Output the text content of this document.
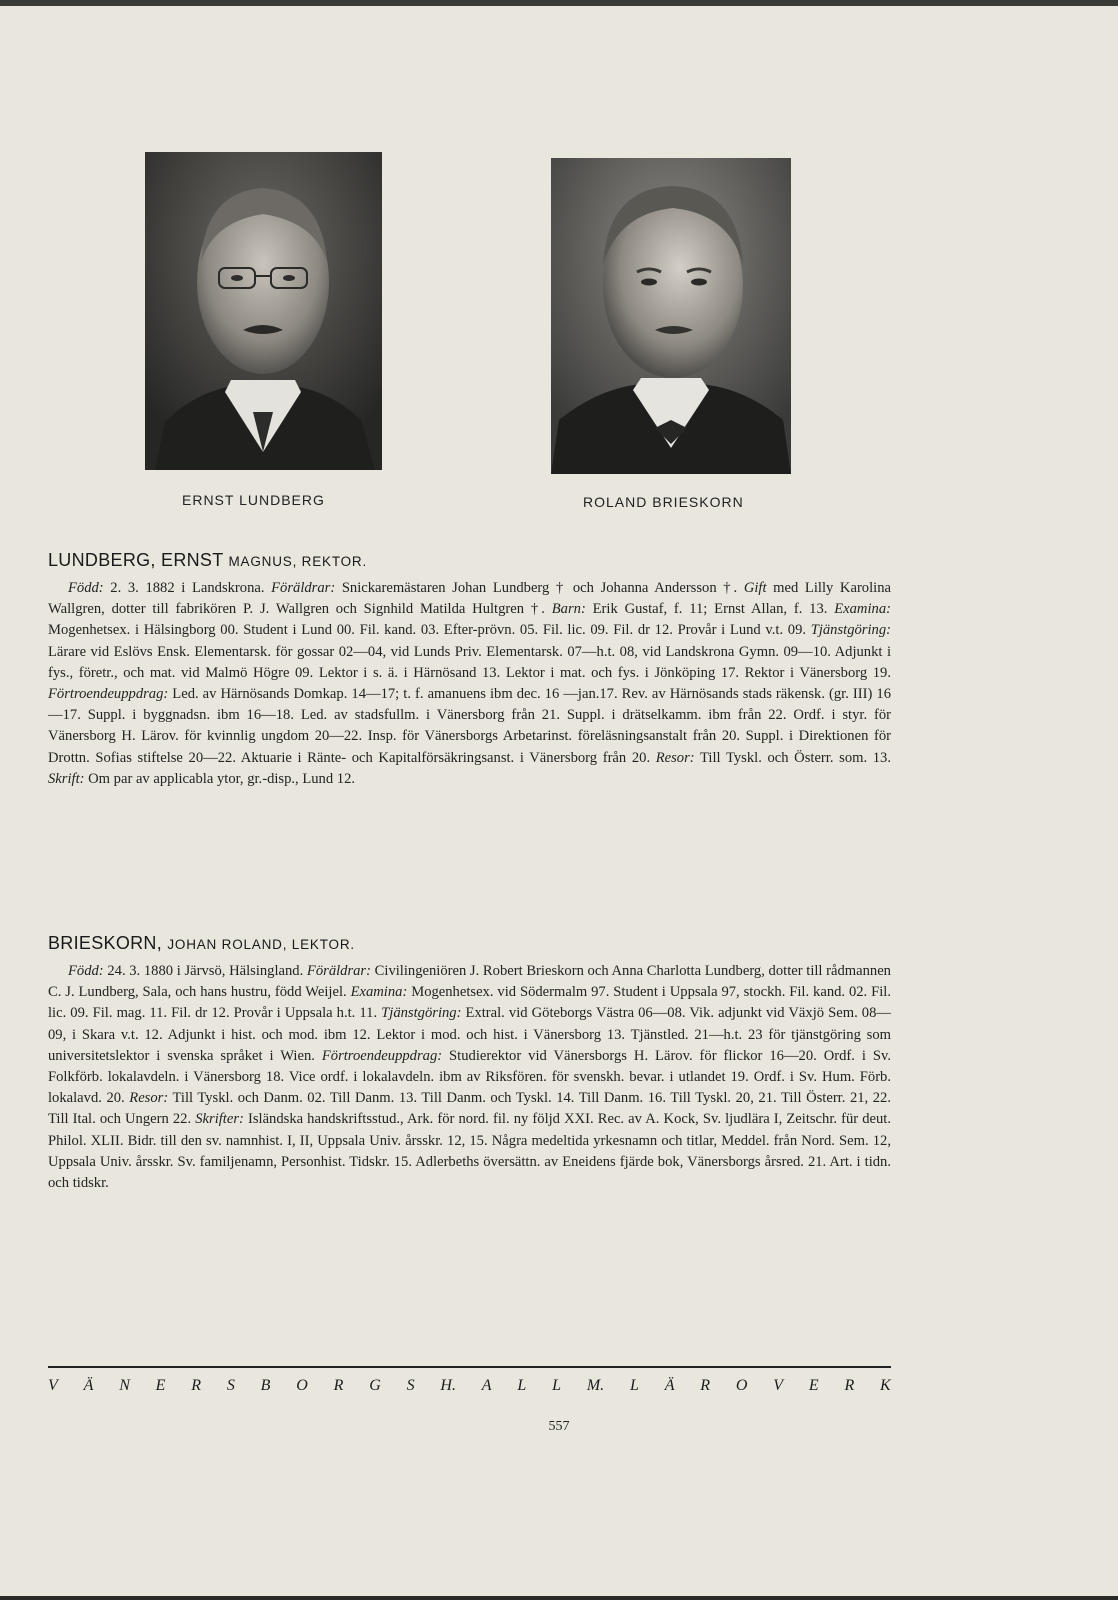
ERNST LUNDBERG	ROLAND BRIESKORN
LUNDBERG, ERNST MAGNUS, REKTOR.

Född: 2. 3. 1882 i Landskrona. Föräldrar: Snickaremästaren Johan Lundberg † och Johanna Andersson †. Gift med Lilly Karolina Wallgren, dotter till fabrikören P. J. Wallgren och Signhild Matilda Hultgren †. Barn: Erik Gustaf, f. 11; Ernst Allan, f. 13. Examina: Mogenhetsex. i Hälsingborg 00. Student i Lund 00. Fil. kand. 03. Efter-prövn. 05. Fil. lic. 09. Fil. dr 12. Provår i Lund v.t. 09. Tjänstgöring: Lärare vid Eslövs Ensk. Elementarsk. för gossar 02—04, vid Lunds Priv. Elementarsk. 07—h.t. 08, vid Landskrona Gymn. 09—10. Adjunkt i fys., företr., och mat. vid Malmö Högre 09. Lektor i s. ä. i Härnösand 13. Lektor i mat. och fys. i Jönköping 17. Rektor i Vänersborg 19. Förtroendeuppdrag: Led. av Härnösands Domkap. 14—17; t. f. amanuens ibm dec. 16 —jan.17. Rev. av Härnösands stads räkensk. (gr. III) 16—17. Suppl. i byggnadsn. ibm 16—18. Led. av stadsfullm. i Vänersborg från 21. Suppl. i drätselkamm. ibm från 22. Ordf. i styr. för Vänersborg H. Lärov. för kvinnlig ungdom 20—22. Insp. för Vänersborgs Arbetarinst. föreläsningsanstalt från 20. Suppl. i Direktionen för Drottn. Sofias stiftelse 20—22. Aktuarie i Ränte- och Kapitalförsäkringsanst. i Vänersborg från 20. Resor: Till Tyskl. och Österr. som. 13. Skrift: Om par av applicabla ytor, gr.-disp., Lund 12.

BRIESKORN, JOHAN ROLAND, LEKTOR.

Född: 24. 3. 1880 i Järvsö, Hälsingland. Föräldrar: Civilingeniören J. Robert Brieskorn och Anna Charlotta Lundberg, dotter till rådmannen C. J. Lundberg, Sala, och hans hustru, född Weijel. Examina: Mogenhetsex. vid Södermalm 97. Student i Uppsala 97, stockh. Fil. kand. 02. Fil. lic. 09. Fil. mag. 11. Fil. dr 12. Provår i Uppsala h.t. 11. Tjänstgöring: Extral. vid Göteborgs Västra 06—08. Vik. adjunkt vid Växjö Sem. 08—09, i Skara v.t. 12. Adjunkt i hist. och mod. ibm 12. Lektor i mod. och hist. i Vänersborg 13. Tjänstled. 21—h.t. 23 för tjänstgöring som universitetslektor i svenska språket i Wien. Förtroendeuppdrag: Studierektor vid Vänersborgs H. Lärov. för flickor 16—20. Ordf. i Sv. Folkförb. lokalavdeln. i Vänersborg 18. Vice ordf. i lokalavdeln. ibm av Riksfören. för svenskh. bevar. i utlandet 19. Ordf. i Sv. Hum. Förb. lokalavd. 20. Resor: Till Tyskl. och Danm. 02. Till Danm. 13. Till Danm. och Tyskl. 14. Till Danm. 16. Till Tyskl. 20, 21. Till Österr. 21, 22. Till Ital. och Ungern 22. Skrifter: Isländska handskriftsstud., Ark. för nord. fil. ny följd XXI. Rec. av A. Kock, Sv. ljudlära I, Zeitschr. für deut. Philol. XLII. Bidr. till den sv. namnhist. I, II, Uppsala Univ. årsskr. 12, 15. Några medeltida yrkesnamn och titlar, Meddel. från Nord. Sem. 12, Uppsala Univ. årsskr. Sv. familjenamn, Personhist. Tidskr. 15. Adlerbeths översättn. av Eneidens fjärde bok, Vänersborgs årsred. 21. Art. i tidn. och tidskr.

V Ä N E R S B O R G S H. A L L M. L Ä R O V E R K
557
